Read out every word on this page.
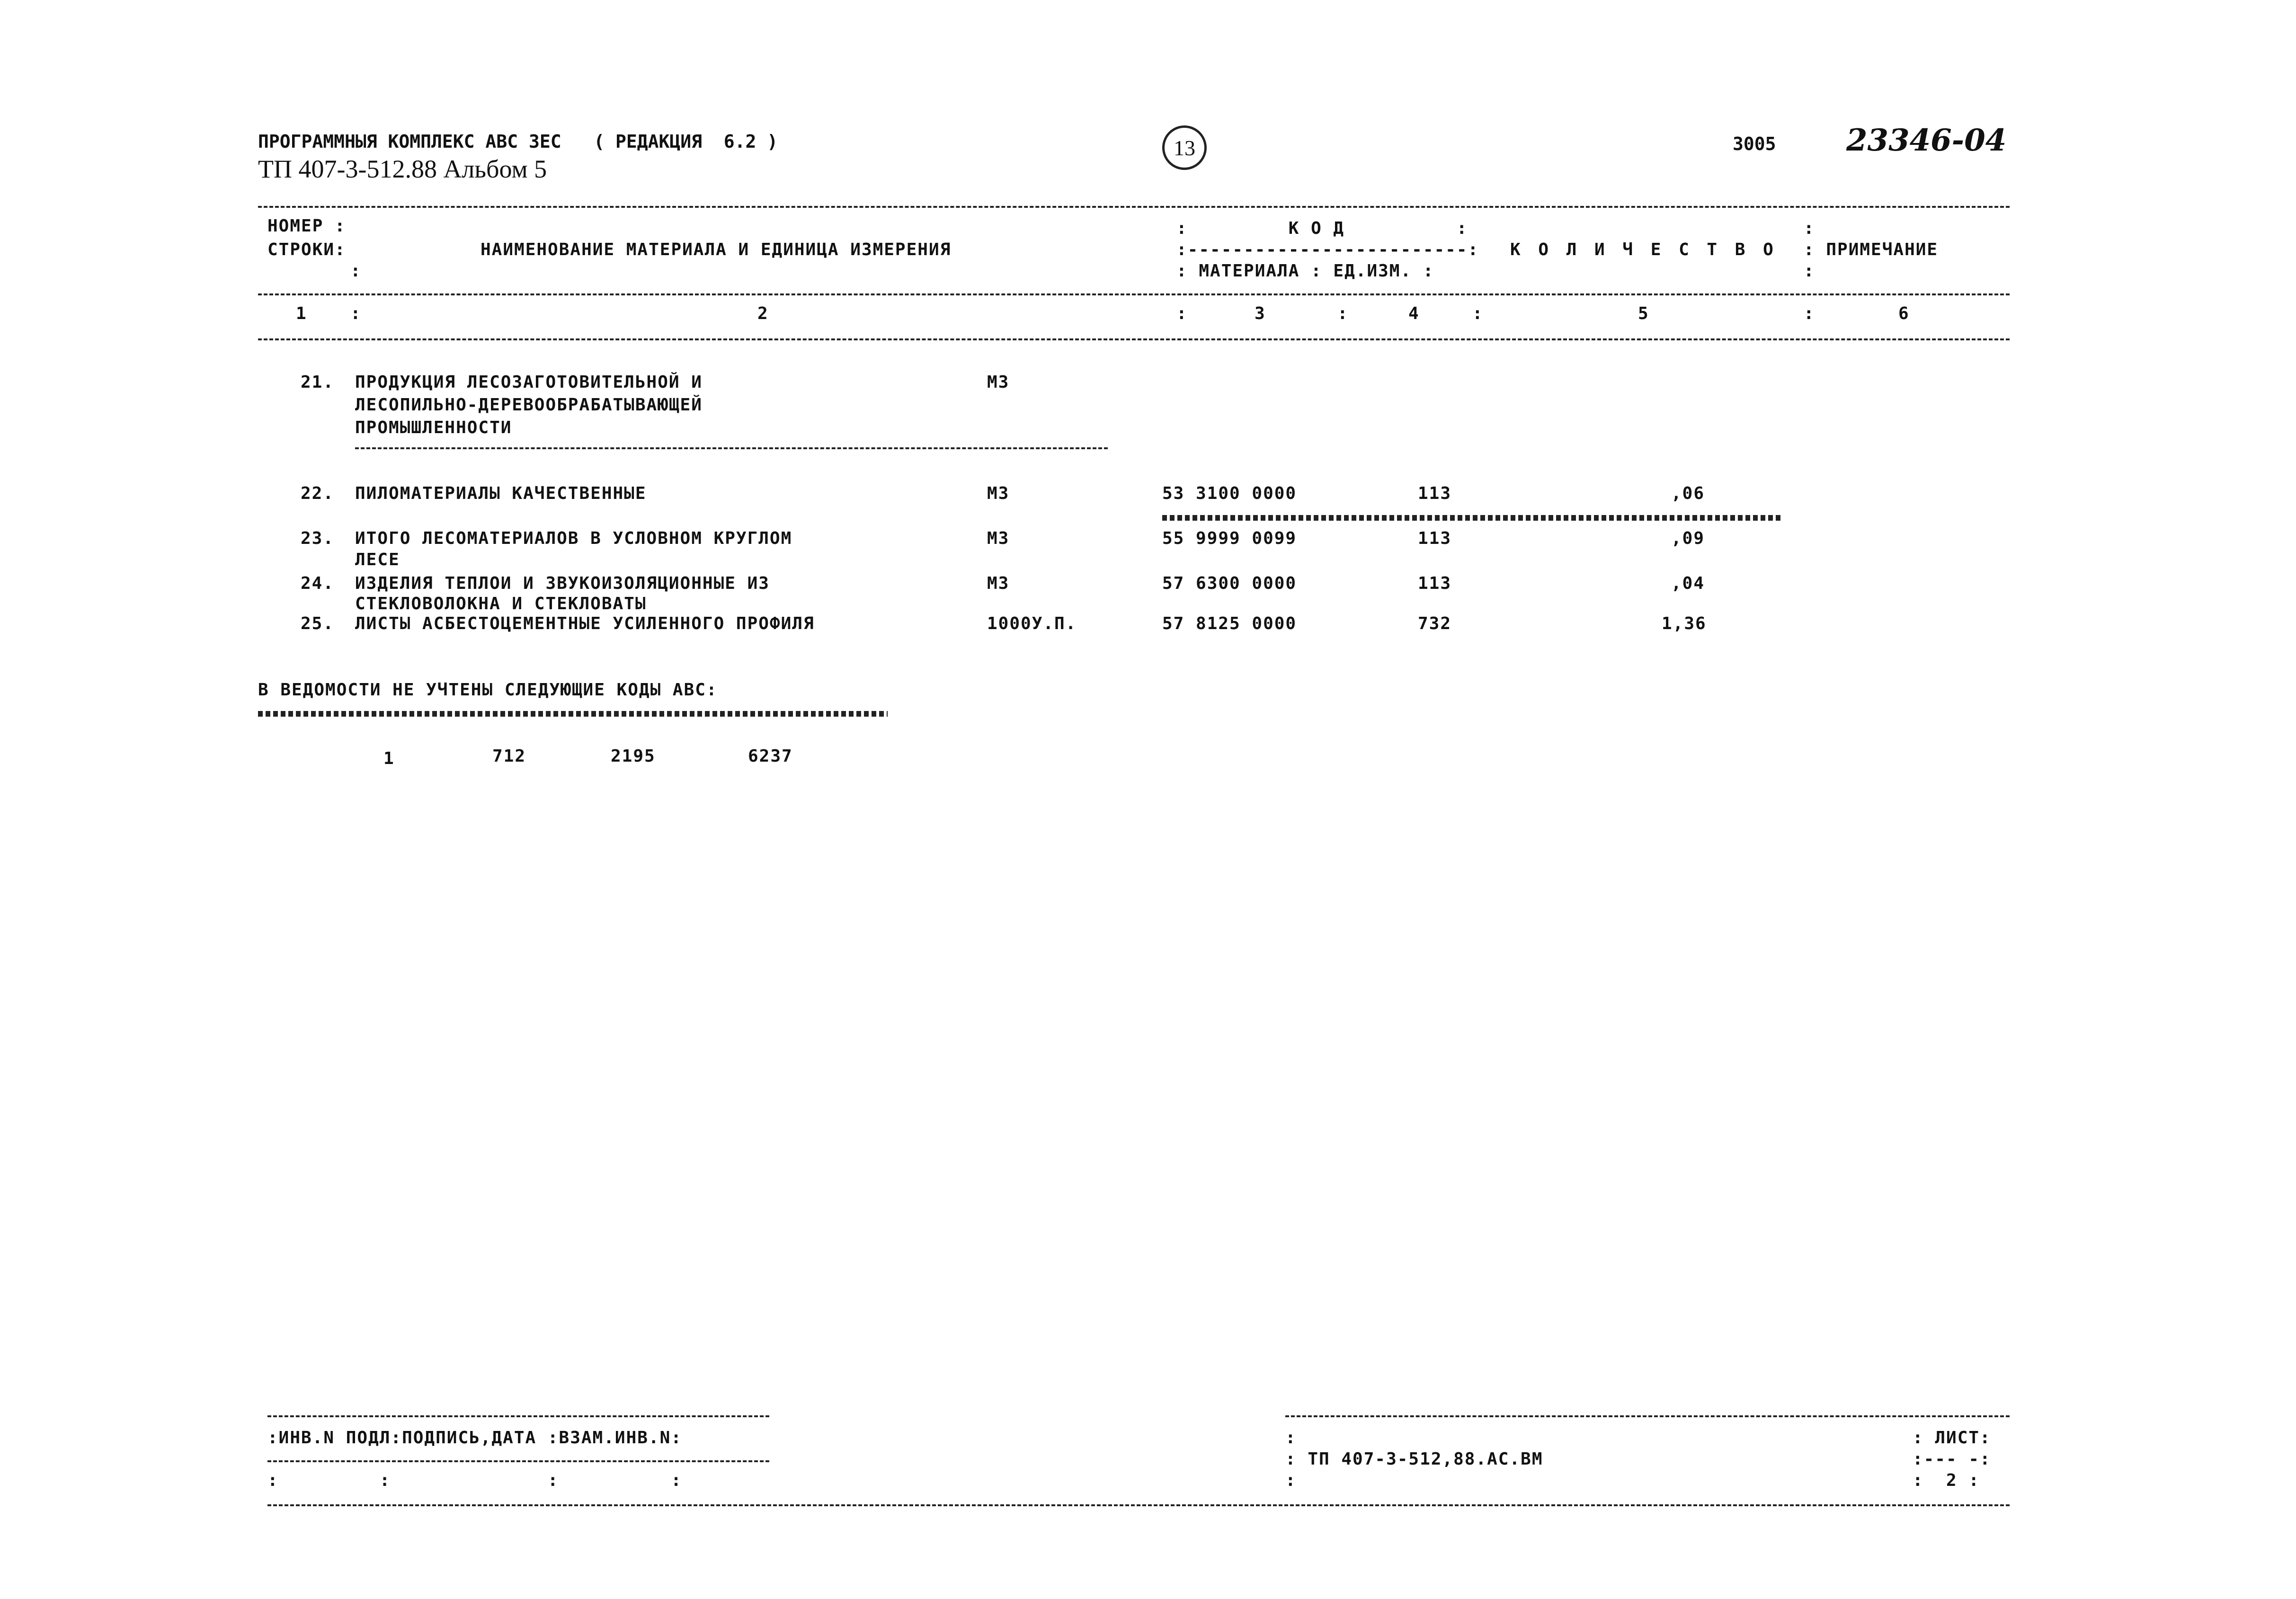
ПРОГРАММНЫЯ КОМПЛЕКС АВС 3ЕС   ( РЕДАКЦИЯ  6.2 )
ТП 407-3-512.88 Альбом 5
13	3005 23346-04
НОМЕР :
СТРОКИ:
:
НАИМЕНОВАНИЕ МАТЕРИАЛА И ЕДИНИЦА ИЗМЕРЕНИЯ
:         К О Д          :
:-------------------------:
: МАТЕРИАЛА : ЕД.ИЗМ. :
К О Л И Ч Е С Т В О
:
: ПРИМЕЧАНИЕ
:
1	:	2	:	3	:	4	:	5	:	6
21. ПРОДУКЦИЯ ЛЕСОЗАГОТОВИТЕЛЬНОЙ И
ЛЕСОПИЛЬНО-ДЕРЕВООБРАБАТЫВАЮЩЕЙ
ПРОМЫШЛЕННОСТИ
М3
22. ПИЛОМАТЕРИАЛЫ КАЧЕСТВЕННЫЕ	М3	53 3100 0000	113	,06
23. ИТОГО ЛЕСОМАТЕРИАЛОВ В УСЛОВНОМ КРУГЛОМ
ЛЕСЕ
М3	55 9999 0099	113	,09
24. ИЗДЕЛИЯ ТЕПЛОИ И ЗВУКОИЗОЛЯЦИОННЫЕ ИЗ
СТЕКЛОВОЛОКНА И СТЕКЛОВАТЫ
М3	57 6300 0000	113	,04
25. ЛИСТЫ АСБЕСТОЦЕМЕНТНЫЕ УСИЛЕННОГО ПРОФИЛЯ	1000У.П.	57 8125 0000	732	1,36
В ВЕДОМОСТИ НЕ УЧТЕНЫ СЛЕДУЮЩИЕ КОДЫ АВС:
1	712	2195	6237
:ИНВ.N ПОДЛ:ПОДПИСЬ,ДАТА :ВЗАМ.ИНВ.N:
:         :              :          :
:
: ТП 407-3-512,88.АС.ВМ
:
: ЛИСТ:
:--- -:
:  2 :
